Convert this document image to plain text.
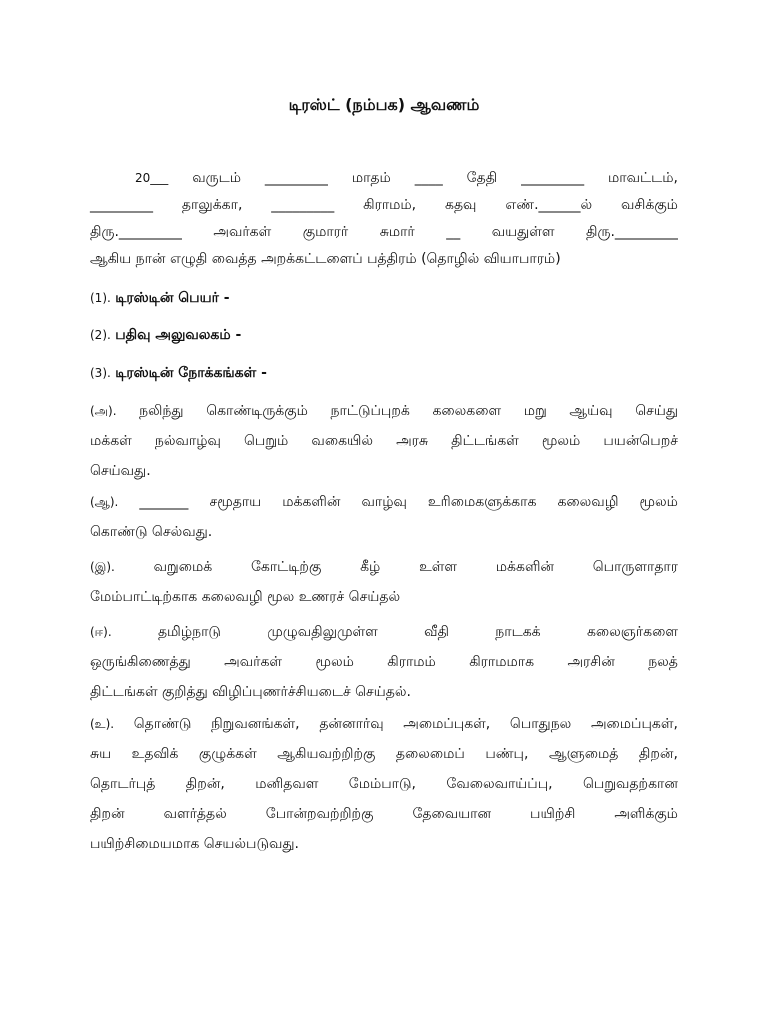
டிரஸ்ட் (நம்பக) ஆவணம்
20___ வருடம் _________ மாதம் ____ தேதி _________ மாவட்டம்,
_________ தாலுக்கா, _________ கிராமம், கதவு எண்.______ல் வசிக்கும்
திரு._________ அவர்கள் குமாரர் சுமார் __ வயதுள்ள திரு._________
ஆகிய நான் எழுதி வைத்த அறக்கட்டளைப் பத்திரம் (தொழில் வியாபாரம்)
(1). டிரஸ்டின் பெயர் -
(2). பதிவு அலுவலகம் -
(3). டிரஸ்டின் நோக்கங்கள் -
(அ). நலிந்து கொண்டிருக்கும் நாட்டுப்புறக் கலைகளை மறு ஆய்வு செய்து
மக்கள் நல்வாழ்வு பெறும் வகையில் அரசு திட்டங்கள் மூலம் பயன்பெறச்
செய்வது.
(ஆ). _______ சமூதாய மக்களின் வாழ்வு உரிமைகளுக்காக கலைவழி மூலம்
கொண்டு செல்வது.
(இ).	வறுமைக்	கோட்டிற்கு	கீழ்	உள்ள	மக்களின்	பொருளாதார
மேம்பாட்டிற்காக கலைவழி மூல உணரச் செய்தல்
(ஈ).	தமிழ்நாடு	முழுவதிலுமுள்ள	வீதி	நாடகக்	கலைஞர்களை
ஒருங்கிணைத்து அவர்கள் மூலம் கிராமம் கிராமமாக அரசின் நலத்
திட்டங்கள் குறித்து விழிப்புணர்ச்சியடைச் செய்தல்.
(உ). தொண்டு நிறுவனங்கள், தன்னார்வு அமைப்புகள், பொதுநல அமைப்புகள்,
சுய உதவிக் குழுக்கள் ஆகியவற்றிற்கு தலைமைப் பண்பு, ஆளுமைத் திறன்,
தொடர்புத் திறன், மனிதவள மேம்பாடு, வேலைவாய்ப்பு, பெறுவதற்கான
திறன்	வளர்த்தல்	போன்றவற்றிற்கு	தேவையான	பயிற்சி	அளிக்கும்
பயிற்சிமையமாக செயல்படுவது.
